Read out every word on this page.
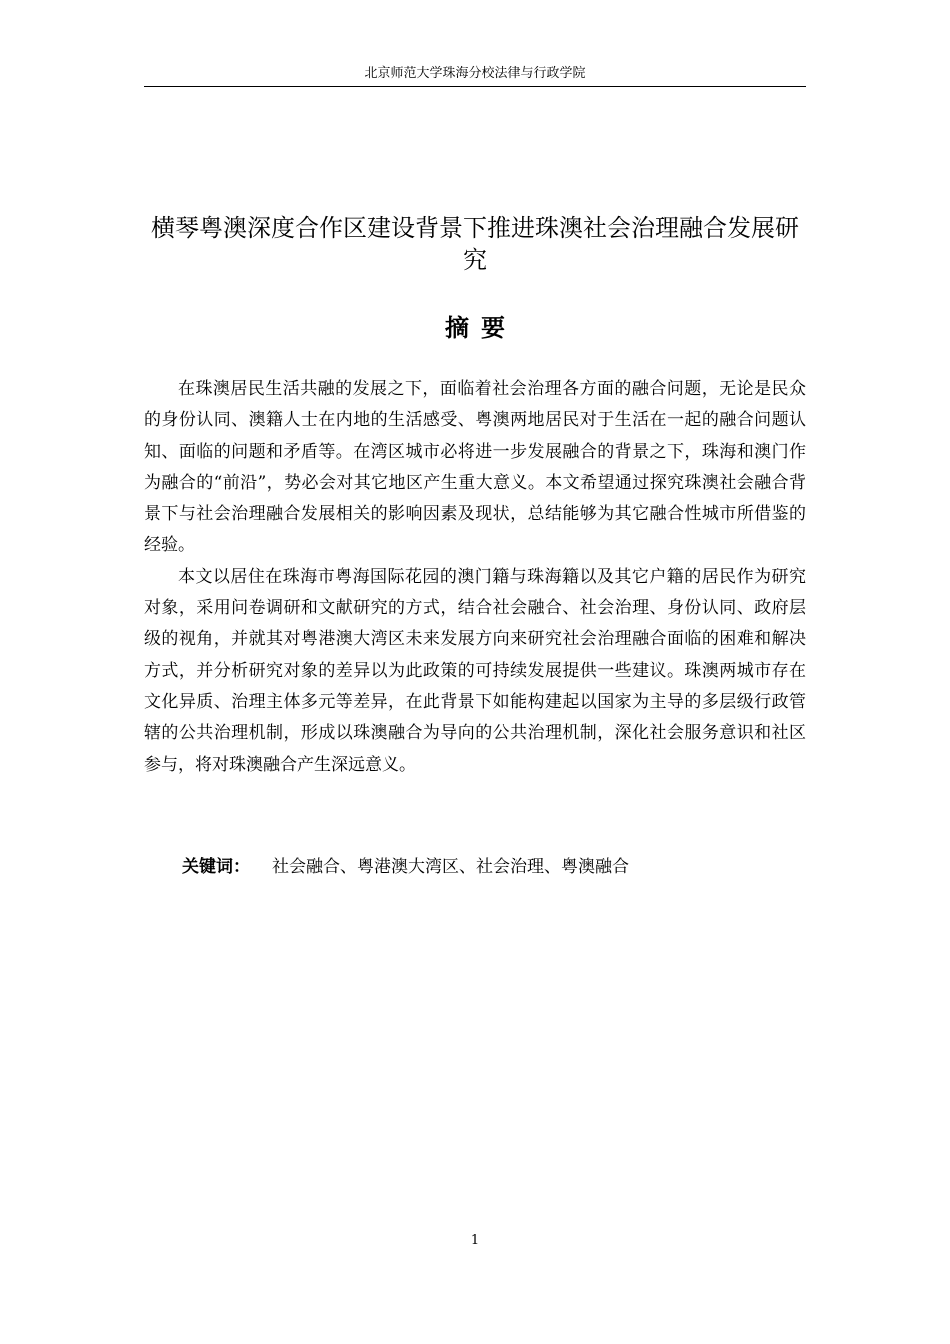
北京师范大学珠海分校法律与行政学院
横琴粤澳深度合作区建设背景下推进珠澳社会治理融合发展研究
摘要

在珠澳居民生活共融的发展之下，面临着社会治理各方面的融合问题，无论是民众的身份认同、澳籍人士在内地的生活感受、粤澳两地居民对于生活在一起的融合问题认知、面临的问题和矛盾等。在湾区城市必将进一步发展融合的背景之下，珠海和澳门作为融合的“前沿”，势必会对其它地区产生重大意义。本文希望通过探究珠澳社会融合背景下与社会治理融合发展相关的影响因素及现状，总结能够为其它融合性城市所借鉴的经验。

本文以居住在珠海市粤海国际花园的澳门籍与珠海籍以及其它户籍的居民作为研究对象，采用问卷调研和文献研究的方式，结合社会融合、社会治理、身份认同、政府层级的视角，并就其对粤港澳大湾区未来发展方向来研究社会治理融合面临的困难和解决方式，并分析研究对象的差异以为此政策的可持续发展提供一些建议。珠澳两城市存在文化异质、治理主体多元等差异，在此背景下如能构建起以国家为主导的多层级行政管辖的公共治理机制，形成以珠澳融合为导向的公共治理机制，深化社会服务意识和社区参与，将对珠澳融合产生深远意义。

关键词： 社会融合、粤港澳大湾区、社会治理、粤澳融合
1
